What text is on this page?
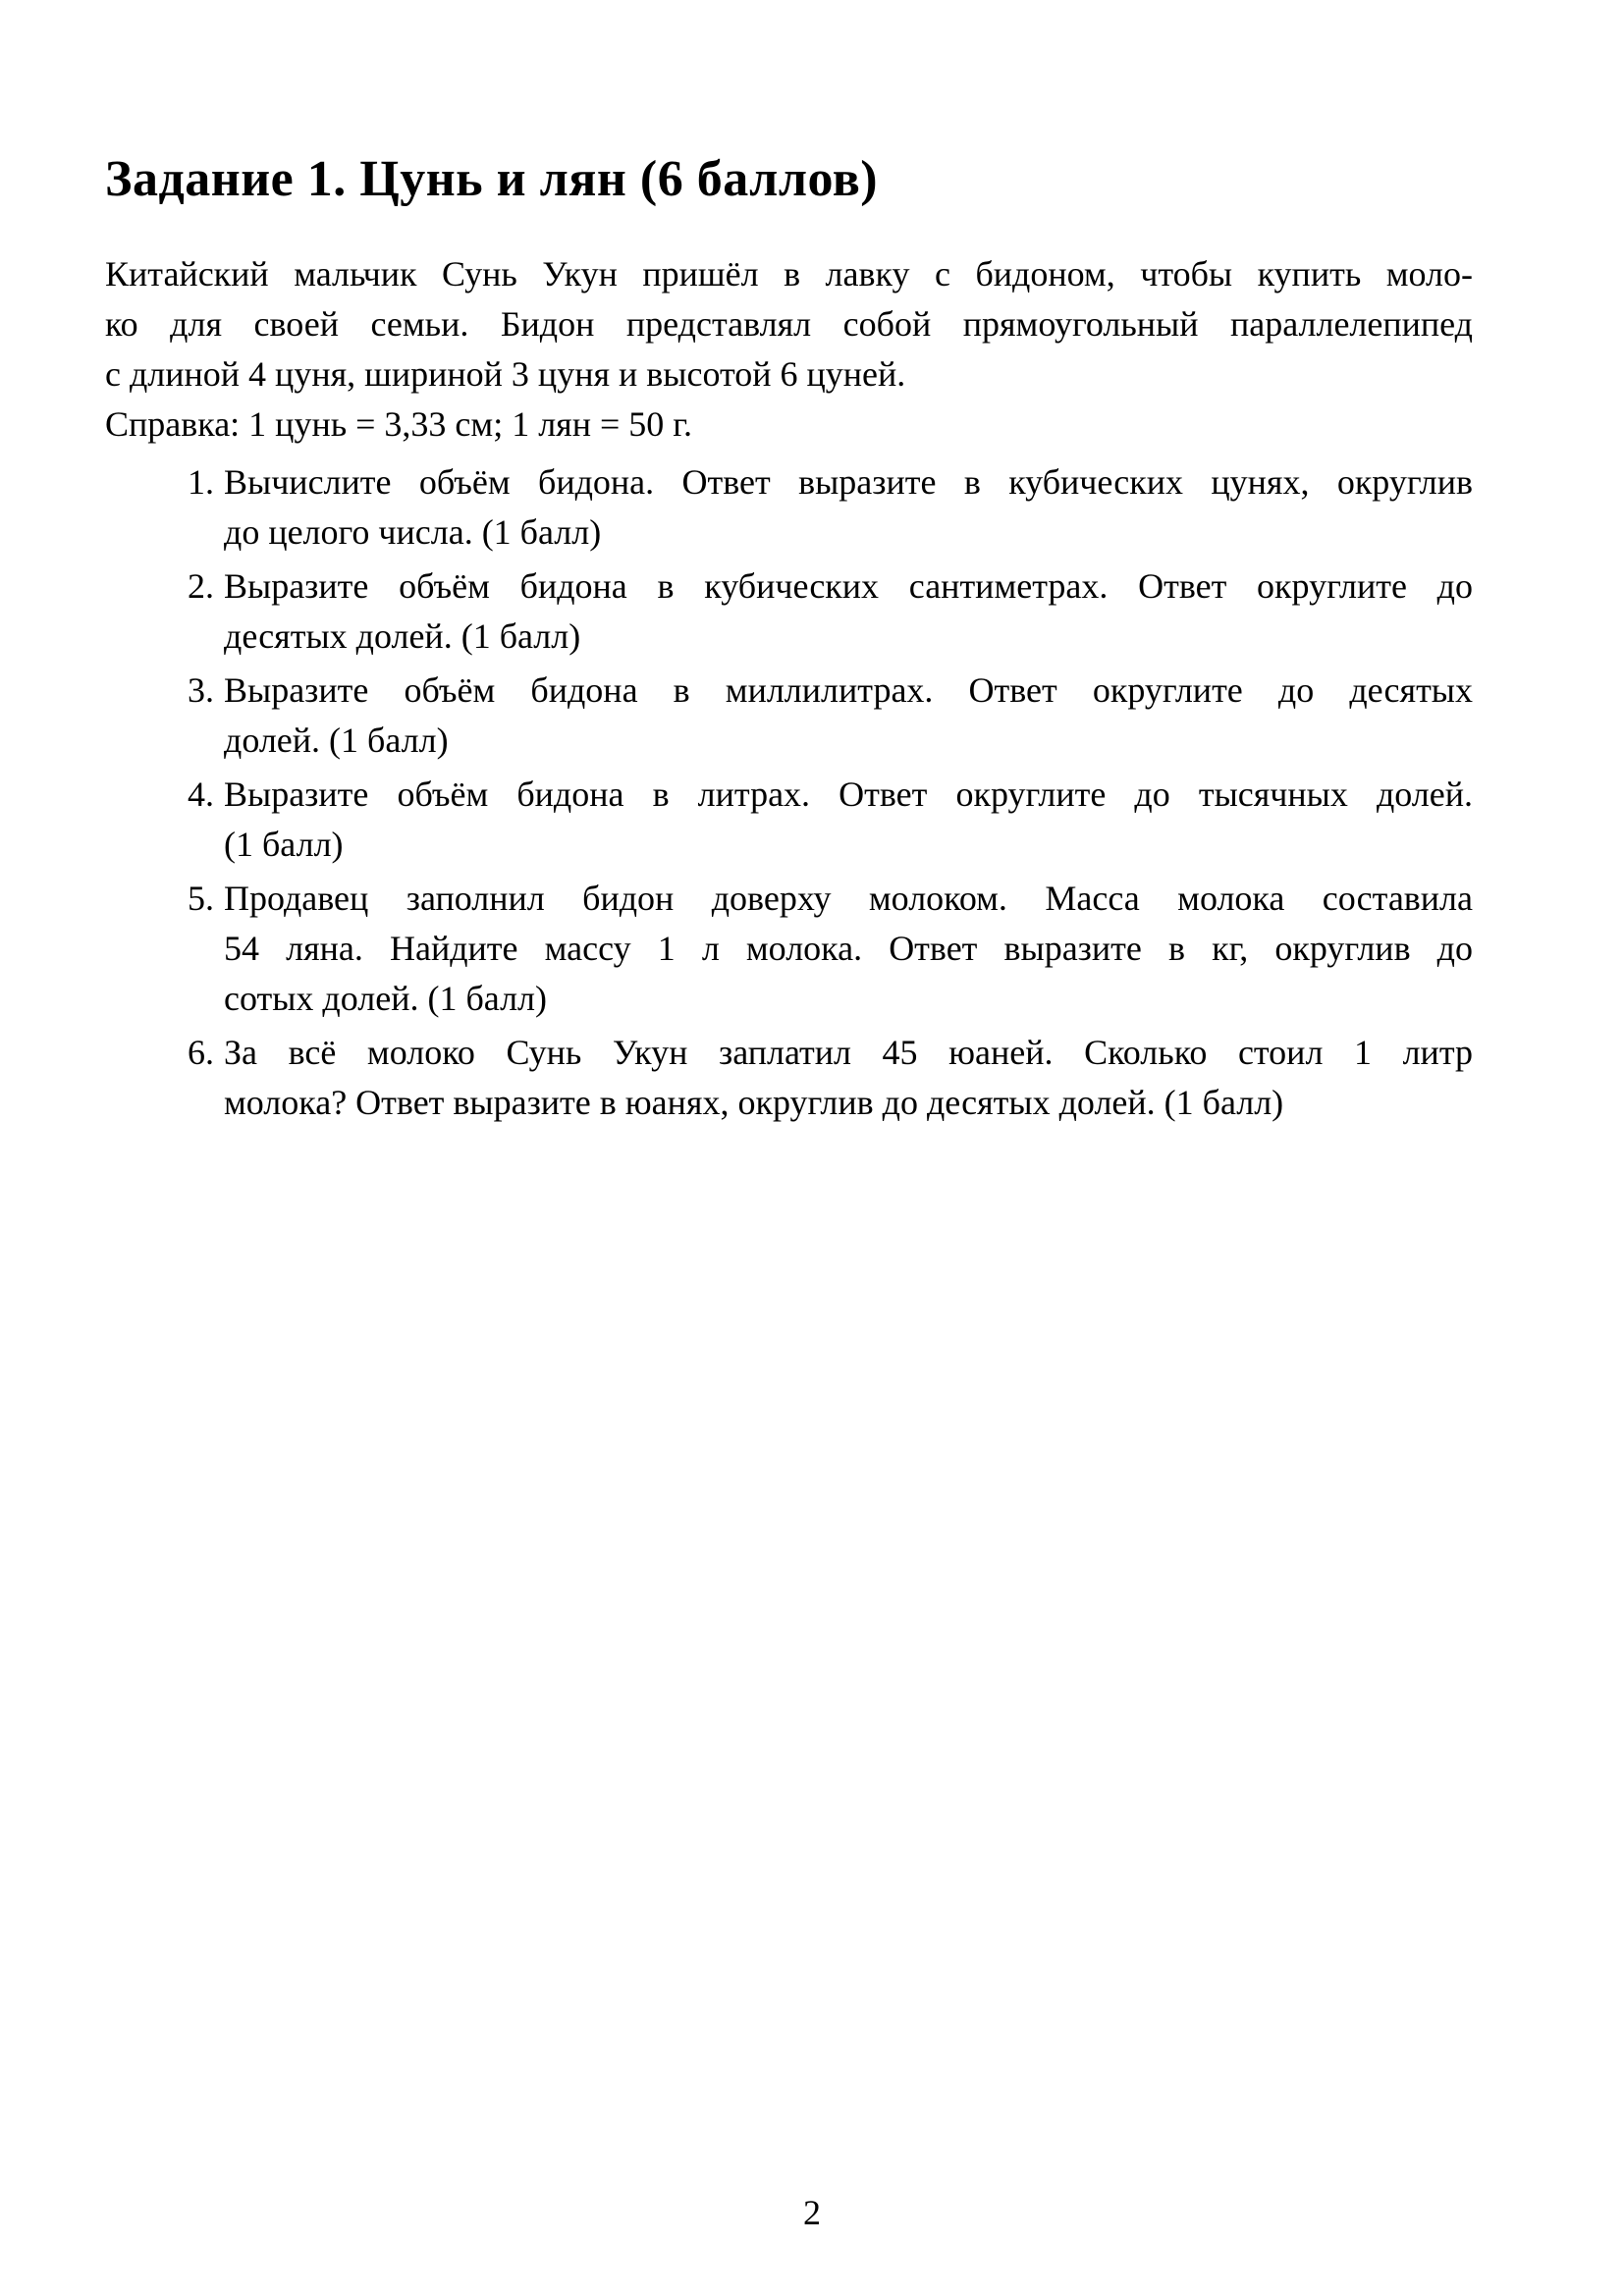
Задание 1. Цунь и лян (6 баллов)
Китайский мальчик Сунь Укун пришёл в лавку с бидоном, чтобы купить моло-
ко для своей семьи. Бидон представлял собой прямоугольный параллелепипед
с длиной 4 цуня, шириной 3 цуня и высотой 6 цуней.
Справка: 1 цунь = 3,33 см; 1 лян = 50 г.
1. Вычислите объём бидона. Ответ выразите в кубических цунях, округлив
до целого числа. (1 балл)
2. Выразите объём бидона в кубических сантиметрах. Ответ округлите до
десятых долей. (1 балл)
3. Выразите объём бидона в миллилитрах. Ответ округлите до десятых
долей. (1 балл)
4. Выразите объём бидона в литрах. Ответ округлите до тысячных долей.
(1 балл)
5. Продавец заполнил бидон доверху молоком. Масса молока составила
54 ляна. Найдите массу 1 л молока. Ответ выразите в кг, округлив до
сотых долей. (1 балл)
6. За всё молоко Сунь Укун заплатил 45 юаней. Сколько стоил 1 литр
молока? Ответ выразите в юанях, округлив до десятых долей. (1 балл)
2
